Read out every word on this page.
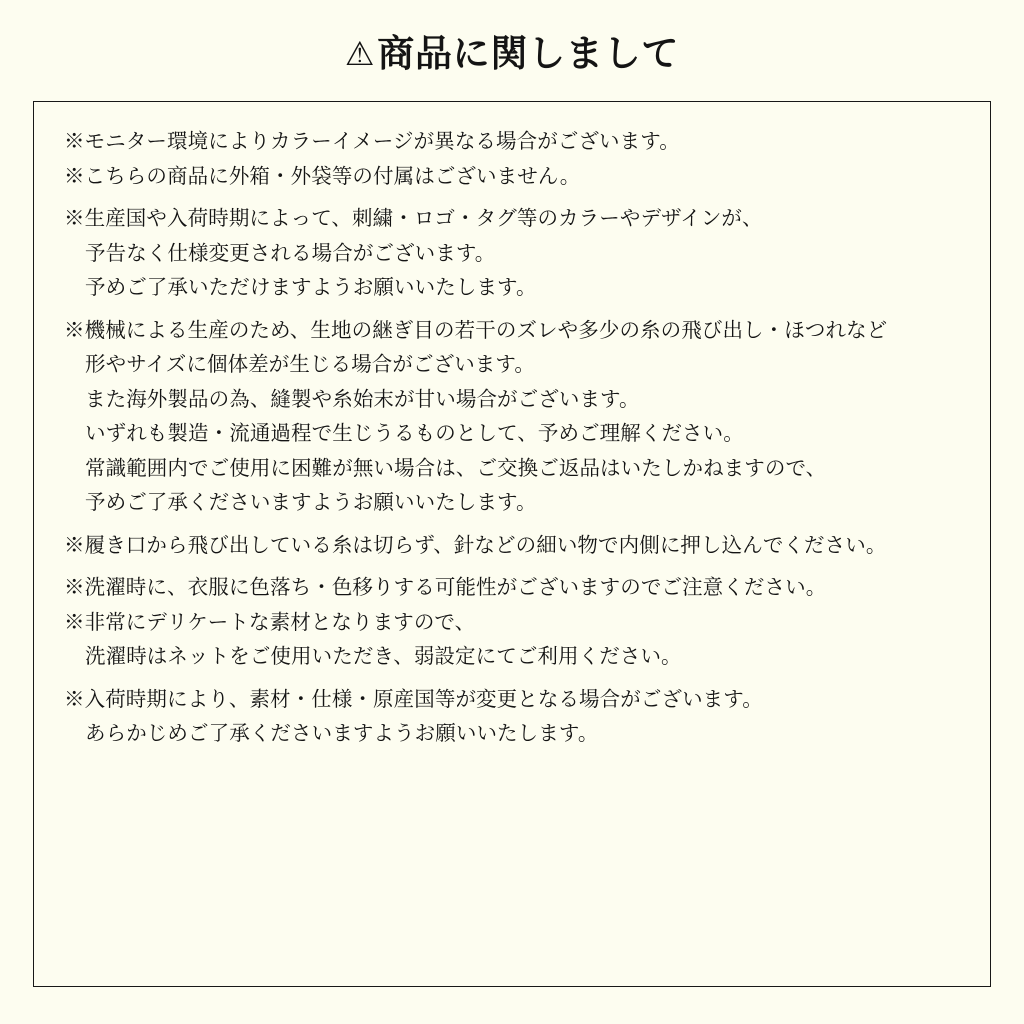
⚠商品に関しまして
※モニター環境によりカラーイメージが異なる場合がございます。
※こちらの商品に外箱・外袋等の付属はございません。
※生産国や入荷時期によって、刺繍・ロゴ・タグ等のカラーやデザインが、
予告なく仕様変更される場合がございます。
予めご了承いただけますようお願いいたします。
※機械による生産のため、生地の継ぎ目の若干のズレや多少の糸の飛び出し・ほつれなど
形やサイズに個体差が生じる場合がございます。
また海外製品の為、縫製や糸始末が甘い場合がございます。
いずれも製造・流通過程で生じうるものとして、予めご理解ください。
常識範囲内でご使用に困難が無い場合は、ご交換ご返品はいたしかねますので、
予めご了承くださいますようお願いいたします。
※履き口から飛び出している糸は切らず、針などの細い物で内側に押し込んでください。
※洗濯時に、衣服に色落ち・色移りする可能性がございますのでご注意ください。
※非常にデリケートな素材となりますので、
洗濯時はネットをご使用いただき、弱設定にてご利用ください。
※入荷時期により、素材・仕様・原産国等が変更となる場合がございます。
あらかじめご了承くださいますようお願いいたします。
